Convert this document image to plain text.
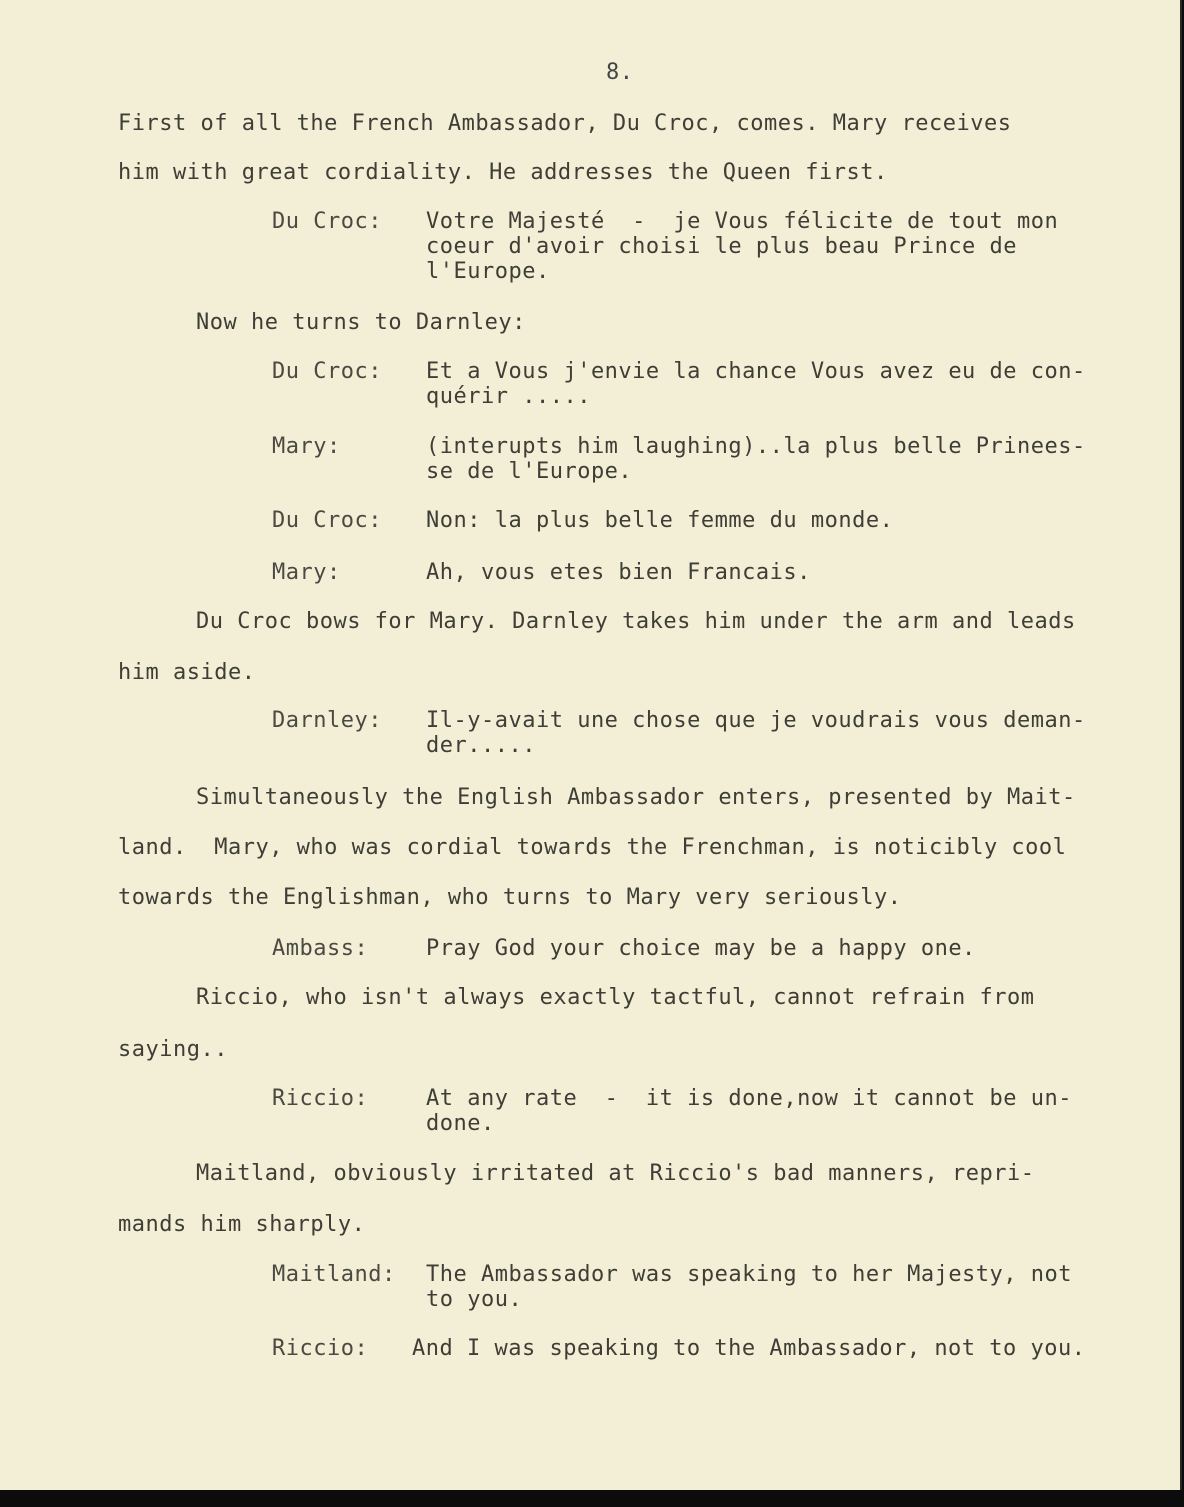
8.
First of all the French Ambassador, Du Croc, comes. Mary receives
him with great cordiality. He addresses the Queen first.
Du Croc: Votre Majesté  -  je Vous félicite de tout mon
coeur d'avoir choisi le plus beau Prince de
l'Europe.
Now he turns to Darnley:
Du Croc: Et a Vous j'envie la chance Vous avez eu de con-
quérir .....
Mary:	(interupts him laughing)..la plus belle Prinees-
se de l'Europe.
Du Croc: Non: la plus belle femme du monde.
Mary:	Ah, vous etes bien Francais.
Du Croc bows for Mary. Darnley takes him under the arm and leads
him aside.
Darnley: Il-y-avait une chose que je voudrais vous deman-
der.....
Simultaneously the English Ambassador enters, presented by Mait-
land.  Mary, who was cordial towards the Frenchman, is noticibly cool
towards the Englishman, who turns to Mary very seriously.
Ambass:	Pray God your choice may be a happy one.
Riccio, who isn't always exactly tactful, cannot refrain from
saying..
Riccio:	At any rate  -  it is done,now it cannot be un-
done.
Maitland, obviously irritated at Riccio's bad manners, repri-
mands him sharply.
Maitland: The Ambassador was speaking to her Majesty, not
to you.
Riccio: And I was speaking to the Ambassador, not to you.
